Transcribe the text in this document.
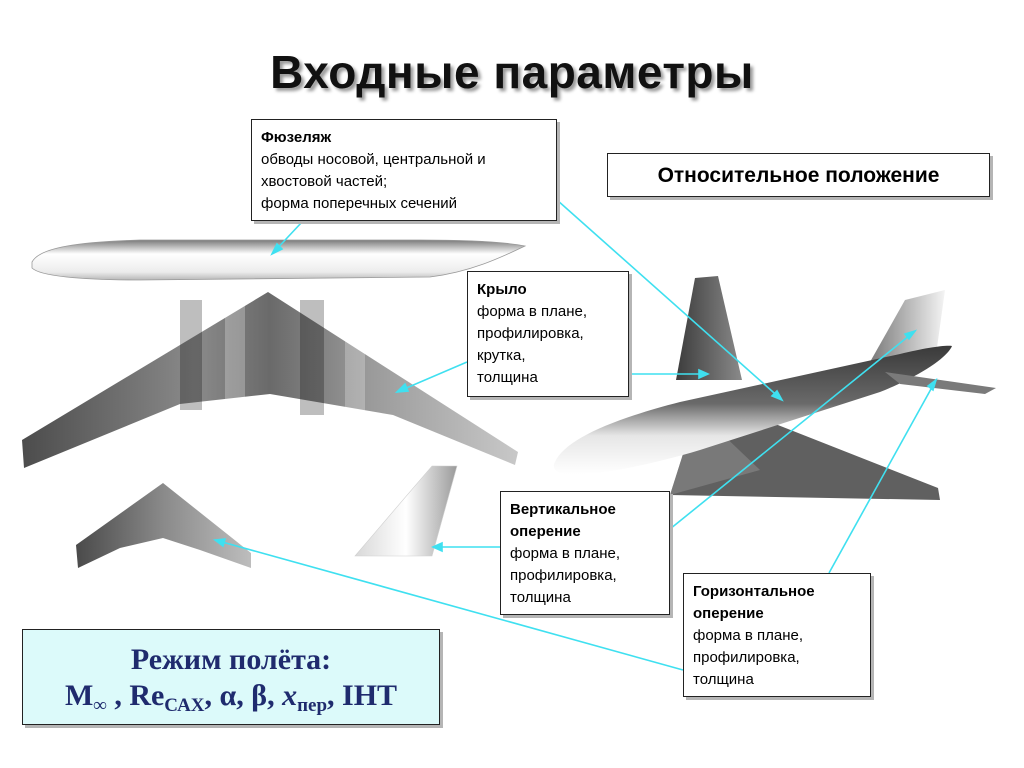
Входные параметры
Фюзеляж
обводы носовой, центральной и
хвостовой частей;
форма поперечных сечений
Относительное положение
Крыло
форма в плане,
профилировка,
крутка,
толщина
Вертикальное
оперение
форма в плане,
профилировка,
толщина	Горизонтальное
оперение
форма в плане,
профилировка,
толщина
Режим полёта:
$M_\infty$ , $Re_{САХ}$, α, β, $x_{пер}$, IHT
